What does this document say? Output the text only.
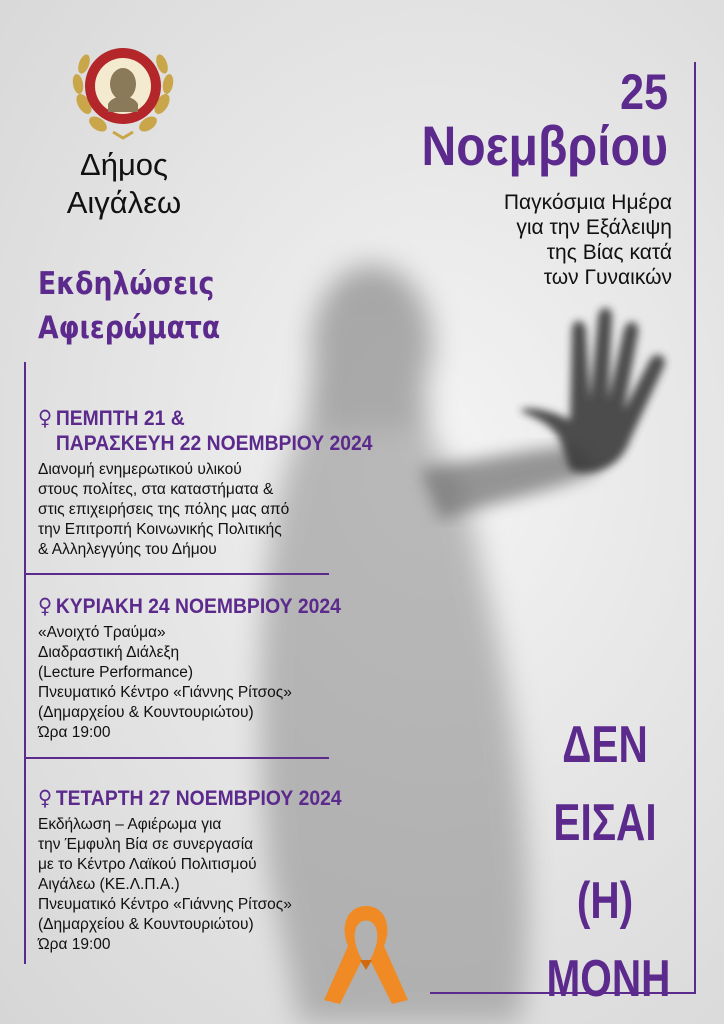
Δήμος
Αιγάλεω
Εκδηλώσεις
Αφιερώματα
25
Νοεμβρίου
Παγκόσμια Ημέρα
για την Εξάλειψη
της Βίας κατά
των Γυναικών
♀ ΠΕΜΠΤΗ 21 &
ΠΑΡΑΣΚΕΥΗ 22 ΝΟΕΜΒΡΙΟΥ 2024
Διανομή ενημερωτικού υλικού
στους πολίτες, στα καταστήματα &
στις επιχειρήσεις της πόλης μας από
την Επιτροπή Κοινωνικής Πολιτικής
& Αλληλεγγύης του Δήμου
♀ ΚΥΡΙΑΚΗ 24 ΝΟΕΜΒΡΙΟΥ 2024
«Ανοιχτό Τραύμα»
Διαδραστική Διάλεξη
(Lecture Performance)
Πνευματικό Κέντρο «Γιάννης Ρίτσος»
(Δημαρχείου & Κουντουριώτου)
Ώρα 19:00
♀ ΤΕΤΑΡΤΗ 27 ΝΟΕΜΒΡΙΟΥ 2024
Εκδήλωση – Αφιέρωμα για
την Έμφυλη Βία σε συνεργασία
με το Κέντρο Λαϊκού Πολιτισμού
Αιγάλεω (ΚΕ.Λ.Π.Α.)
Πνευματικό Κέντρο «Γιάννης Ρίτσος»
(Δημαρχείου & Κουντουριώτου)
Ώρα 19:00
ΔΕΝ
ΕΙΣΑΙ
(Η)
ΜΟΝΗ
